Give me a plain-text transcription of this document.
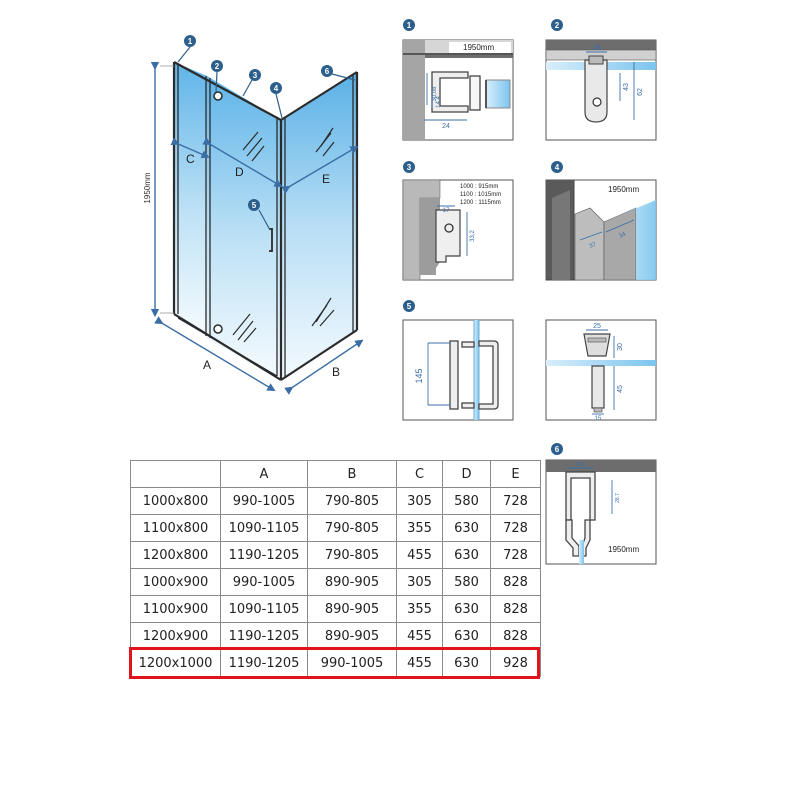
1950mm
C
D	E
A	B
1
2
3
4
6
5
1
1950mm
30,08
14,4
24
2
38
43
62
3
1000 : 915mm
1100 : 1015mm
1200 : 1115mm
17
33,2
4
1950mm
37
34
5
145
25
30
45
15
6
1950mm
28.6
28.7
	A	B	C	D	E
1000x800	990-1005	790-805	305	580	728
1100x800	1090-1105	790-805	355	630	728
1200x800	1190-1205	790-805	455	630	728
1000x900	990-1005	890-905	305	580	828
1100x900	1090-1105	890-905	355	630	828
1200x900	1190-1205	890-905	455	630	828
1200x1000	1190-1205	990-1005	455	630	928
